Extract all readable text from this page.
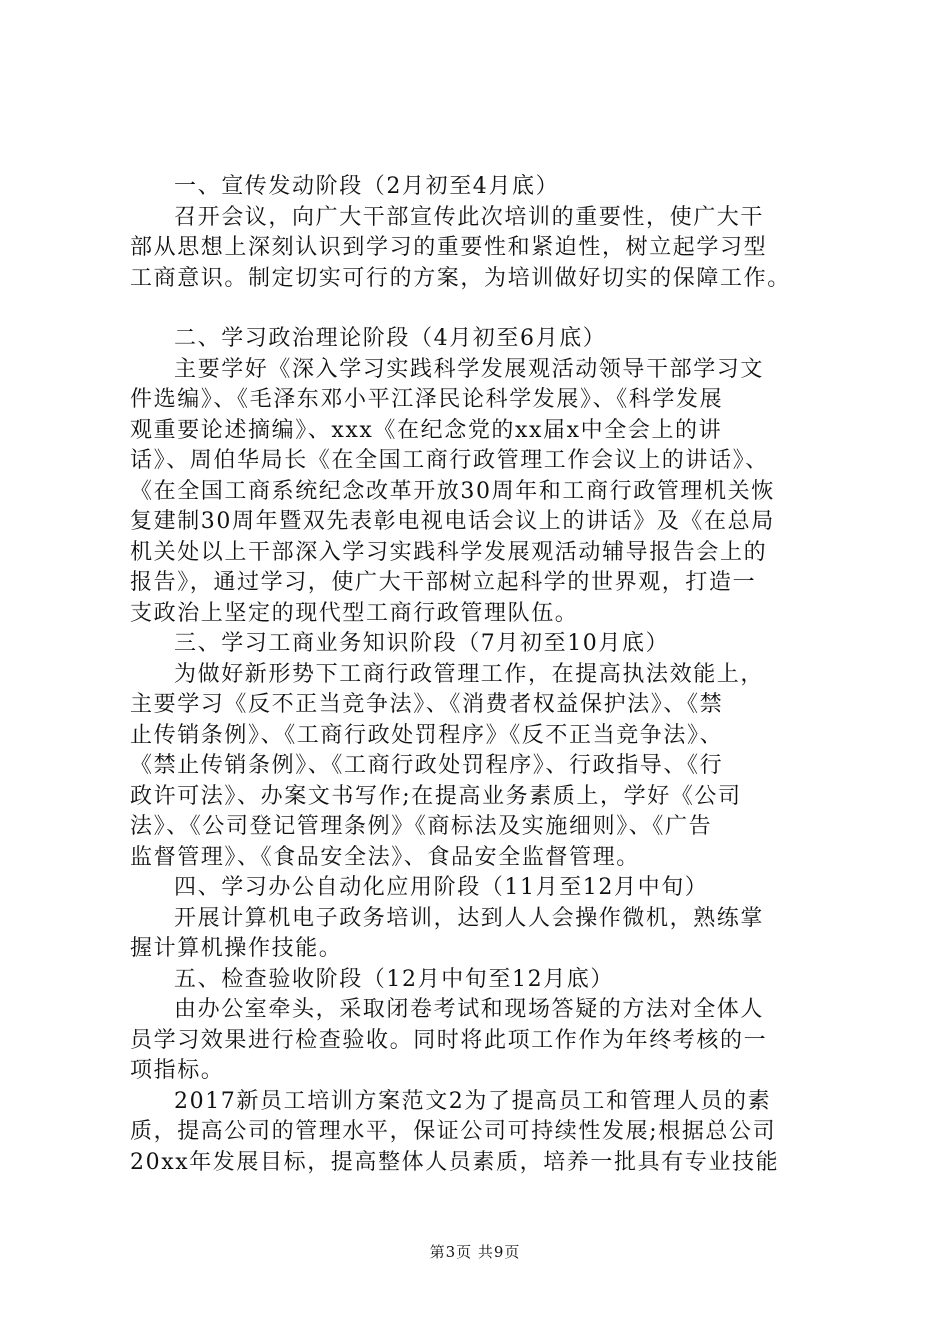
一、宣传发动阶段（2月初至4月底）
召开会议，向广大干部宣传此次培训的重要性，使广大干
部从思想上深刻认识到学习的重要性和紧迫性，树立起学习型
工商意识。制定切实可行的方案，为培训做好切实的保障工作。
二、学习政治理论阶段（4月初至6月底）
主要学好《深入学习实践科学发展观活动领导干部学习文
件选编》、《毛泽东邓小平江泽民论科学发展》、《科学发展
观重要论述摘编》、xxx《在纪念党的xx届x中全会上的讲
话》、周伯华局长《在全国工商行政管理工作会议上的讲话》、
《在全国工商系统纪念改革开放30周年和工商行政管理机关恢
复建制30周年暨双先表彰电视电话会议上的讲话》及《在总局
机关处以上干部深入学习实践科学发展观活动辅导报告会上的
报告》，通过学习，使广大干部树立起科学的世界观，打造一
支政治上坚定的现代型工商行政管理队伍。
三、学习工商业务知识阶段（7月初至10月底）
为做好新形势下工商行政管理工作，在提高执法效能上，
主要学习《反不正当竞争法》、《消费者权益保护法》、《禁
止传销条例》、《工商行政处罚程序》《反不正当竞争法》、
《禁止传销条例》、《工商行政处罚程序》、行政指导、《行
政许可法》、办案文书写作;在提高业务素质上，学好《公司
法》、《公司登记管理条例》《商标法及实施细则》、《广告
监督管理》、《食品安全法》、食品安全监督管理。
四、学习办公自动化应用阶段（11月至12月中旬）
开展计算机电子政务培训，达到人人会操作微机，熟练掌
握计算机操作技能。
五、检查验收阶段（12月中旬至12月底）
由办公室牵头，采取闭卷考试和现场答疑的方法对全体人
员学习效果进行检查验收。同时将此项工作作为年终考核的一
项指标。
2017新员工培训方案范文2为了提高员工和管理人员的素
质，提高公司的管理水平，保证公司可持续性发展;根据总公司
20xx年发展目标，提高整体人员素质，培养一批具有专业技能
第3页 共9页
